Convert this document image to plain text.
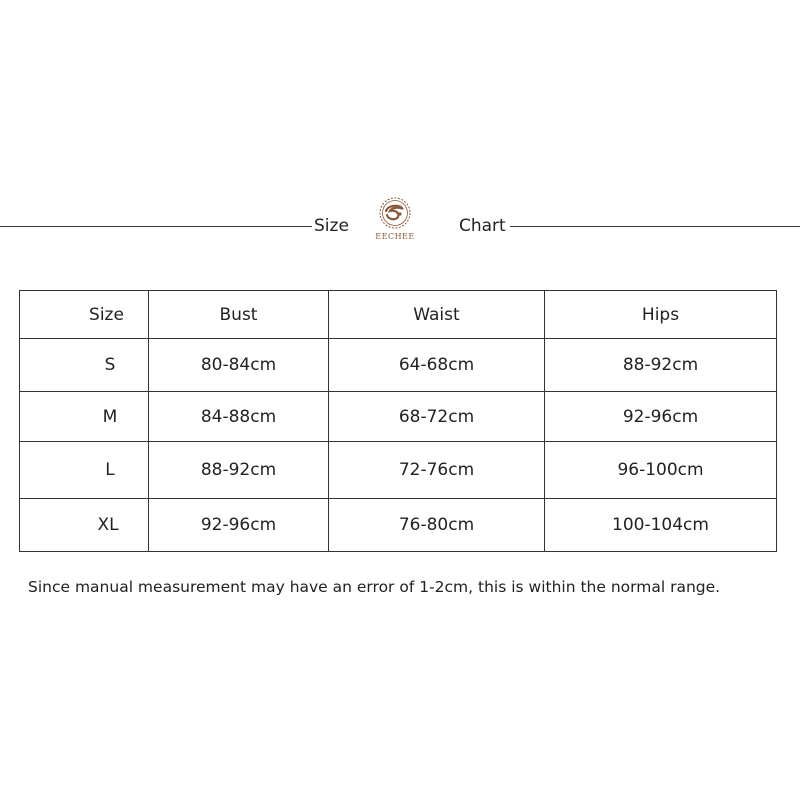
Size
EECHEE
Chart
Size	Bust	Waist	Hips
S	80-84cm	64-68cm	88-92cm
M	84-88cm	68-72cm	92-96cm
L	88-92cm	72-76cm	96-100cm
XL	92-96cm	76-80cm	100-104cm
Since manual measurement may have an error of 1-2cm, this is within the normal range.
